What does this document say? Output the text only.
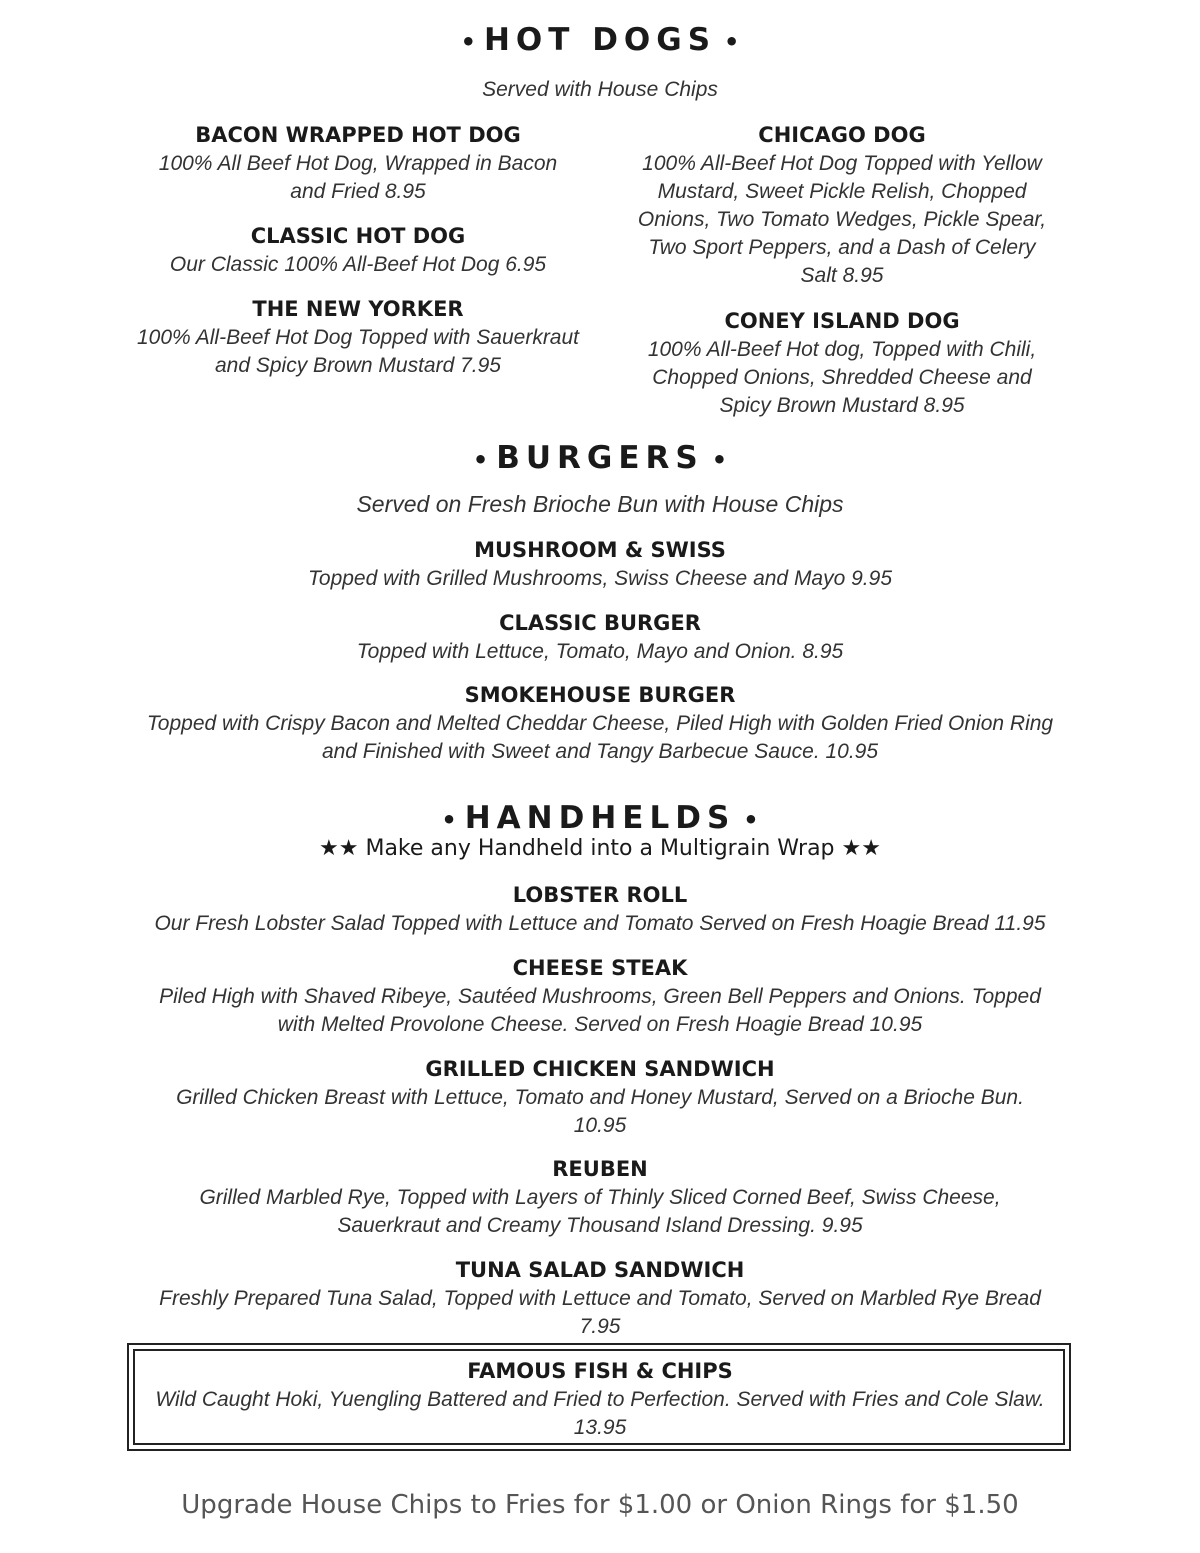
• HOT DOGS •
Served with House Chips
BACON WRAPPED HOT DOG
100% All Beef Hot Dog, Wrapped in Bacon and Fried 8.95
CLASSIC HOT DOG
Our Classic 100% All-Beef Hot Dog 6.95
THE NEW YORKER
100% All-Beef Hot Dog Topped with Sauerkraut and Spicy Brown Mustard 7.95
CHICAGO DOG
100% All-Beef Hot Dog Topped with Yellow Mustard, Sweet Pickle Relish, Chopped Onions, Two Tomato Wedges, Pickle Spear, Two Sport Peppers, and a Dash of Celery Salt 8.95
CONEY ISLAND DOG
100% All-Beef Hot dog, Topped with Chili, Chopped Onions, Shredded Cheese and Spicy Brown Mustard 8.95
• BURGERS •
Served on Fresh Brioche Bun with House Chips
MUSHROOM & SWISS
Topped with Grilled Mushrooms, Swiss Cheese and Mayo 9.95
CLASSIC BURGER
Topped with Lettuce, Tomato, Mayo and Onion. 8.95
SMOKEHOUSE BURGER
Topped with Crispy Bacon and Melted Cheddar Cheese, Piled High with Golden Fried Onion Ring and Finished with Sweet and Tangy Barbecue Sauce. 10.95
• HANDHELDS •
★★ Make any Handheld into a Multigrain Wrap ★★
LOBSTER ROLL
Our Fresh Lobster Salad Topped with Lettuce and Tomato Served on Fresh Hoagie Bread 11.95
CHEESE STEAK
Piled High with Shaved Ribeye, Sautéed Mushrooms, Green Bell Peppers and Onions. Topped with Melted Provolone Cheese. Served on Fresh Hoagie Bread 10.95
GRILLED CHICKEN SANDWICH
Grilled Chicken Breast with Lettuce, Tomato and Honey Mustard, Served on a Brioche Bun. 10.95
REUBEN
Grilled Marbled Rye, Topped with Layers of Thinly Sliced Corned Beef, Swiss Cheese, Sauerkraut and Creamy Thousand Island Dressing. 9.95
TUNA SALAD SANDWICH
Freshly Prepared Tuna Salad, Topped with Lettuce and Tomato, Served on Marbled Rye Bread 7.95
FAMOUS FISH & CHIPS
Wild Caught Hoki, Yuengling Battered and Fried to Perfection. Served with Fries and Cole Slaw. 13.95
Upgrade House Chips to Fries for $1.00 or Onion Rings for $1.50
